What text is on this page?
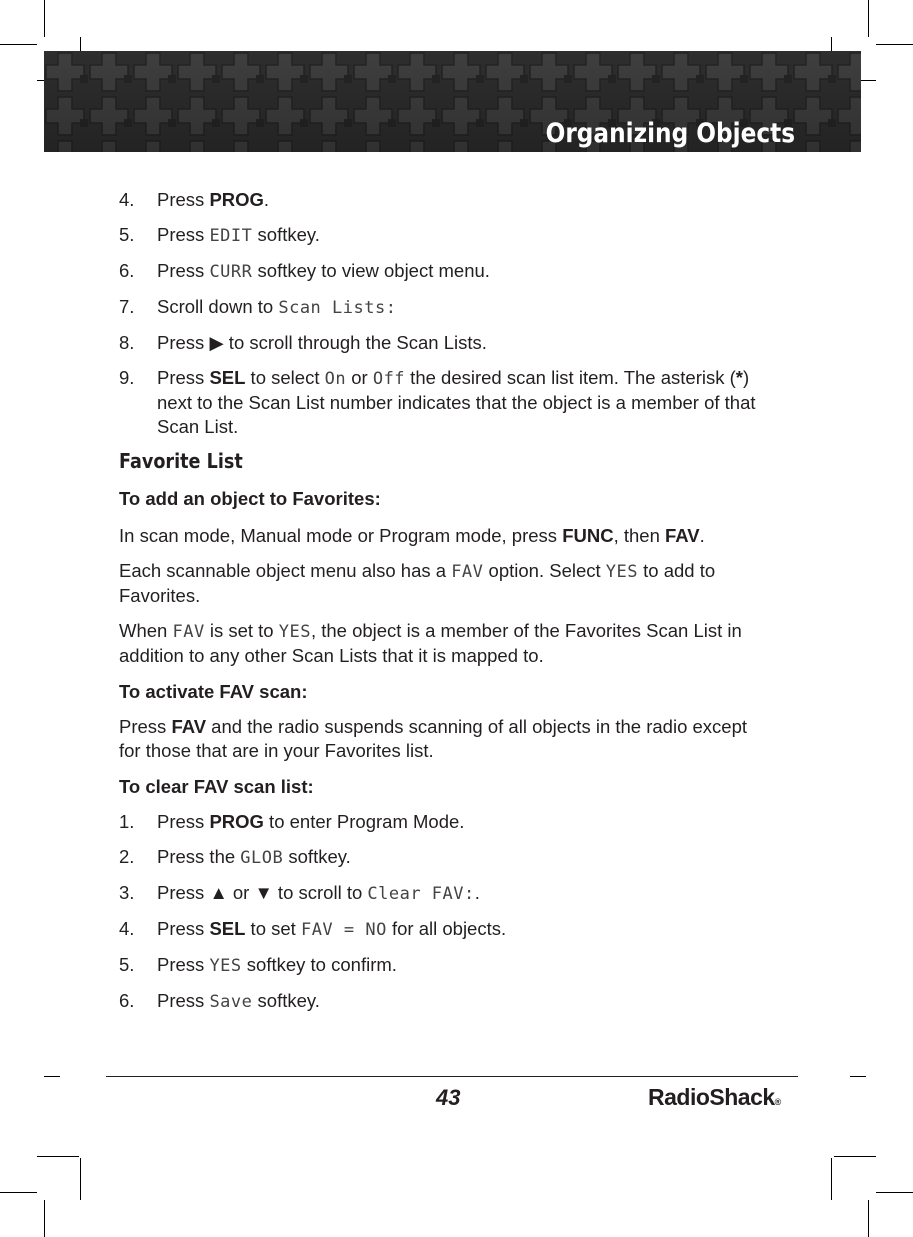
Organizing Objects
4. Press PROG.
5. Press EDIT softkey.
6. Press CURR softkey to view object menu.
7. Scroll down to Scan Lists:
8. Press ▶ to scroll through the Scan Lists.
9. Press SEL to select On or Off the desired scan list item. The asterisk (*) next to the Scan List number indicates that the object is a member of that Scan List.
Favorite List
To add an object to Favorites:
In scan mode, Manual mode or Program mode, press FUNC, then FAV.
Each scannable object menu also has a FAV option. Select YES to add to Favorites.
When FAV is set to YES, the object is a member of the Favorites Scan List in addition to any other Scan Lists that it is mapped to.
To activate FAV scan:
Press FAV and the radio suspends scanning of all objects in the radio except for those that are in your Favorites list.
To clear FAV scan list:
1. Press PROG to enter Program Mode.
2. Press the GLOB softkey.
3. Press ▲ or ▼ to scroll to Clear FAV:.
4. Press SEL to set FAV = NO for all objects.
5. Press YES softkey to confirm.
6. Press Save softkey.
43	RadioShack®
